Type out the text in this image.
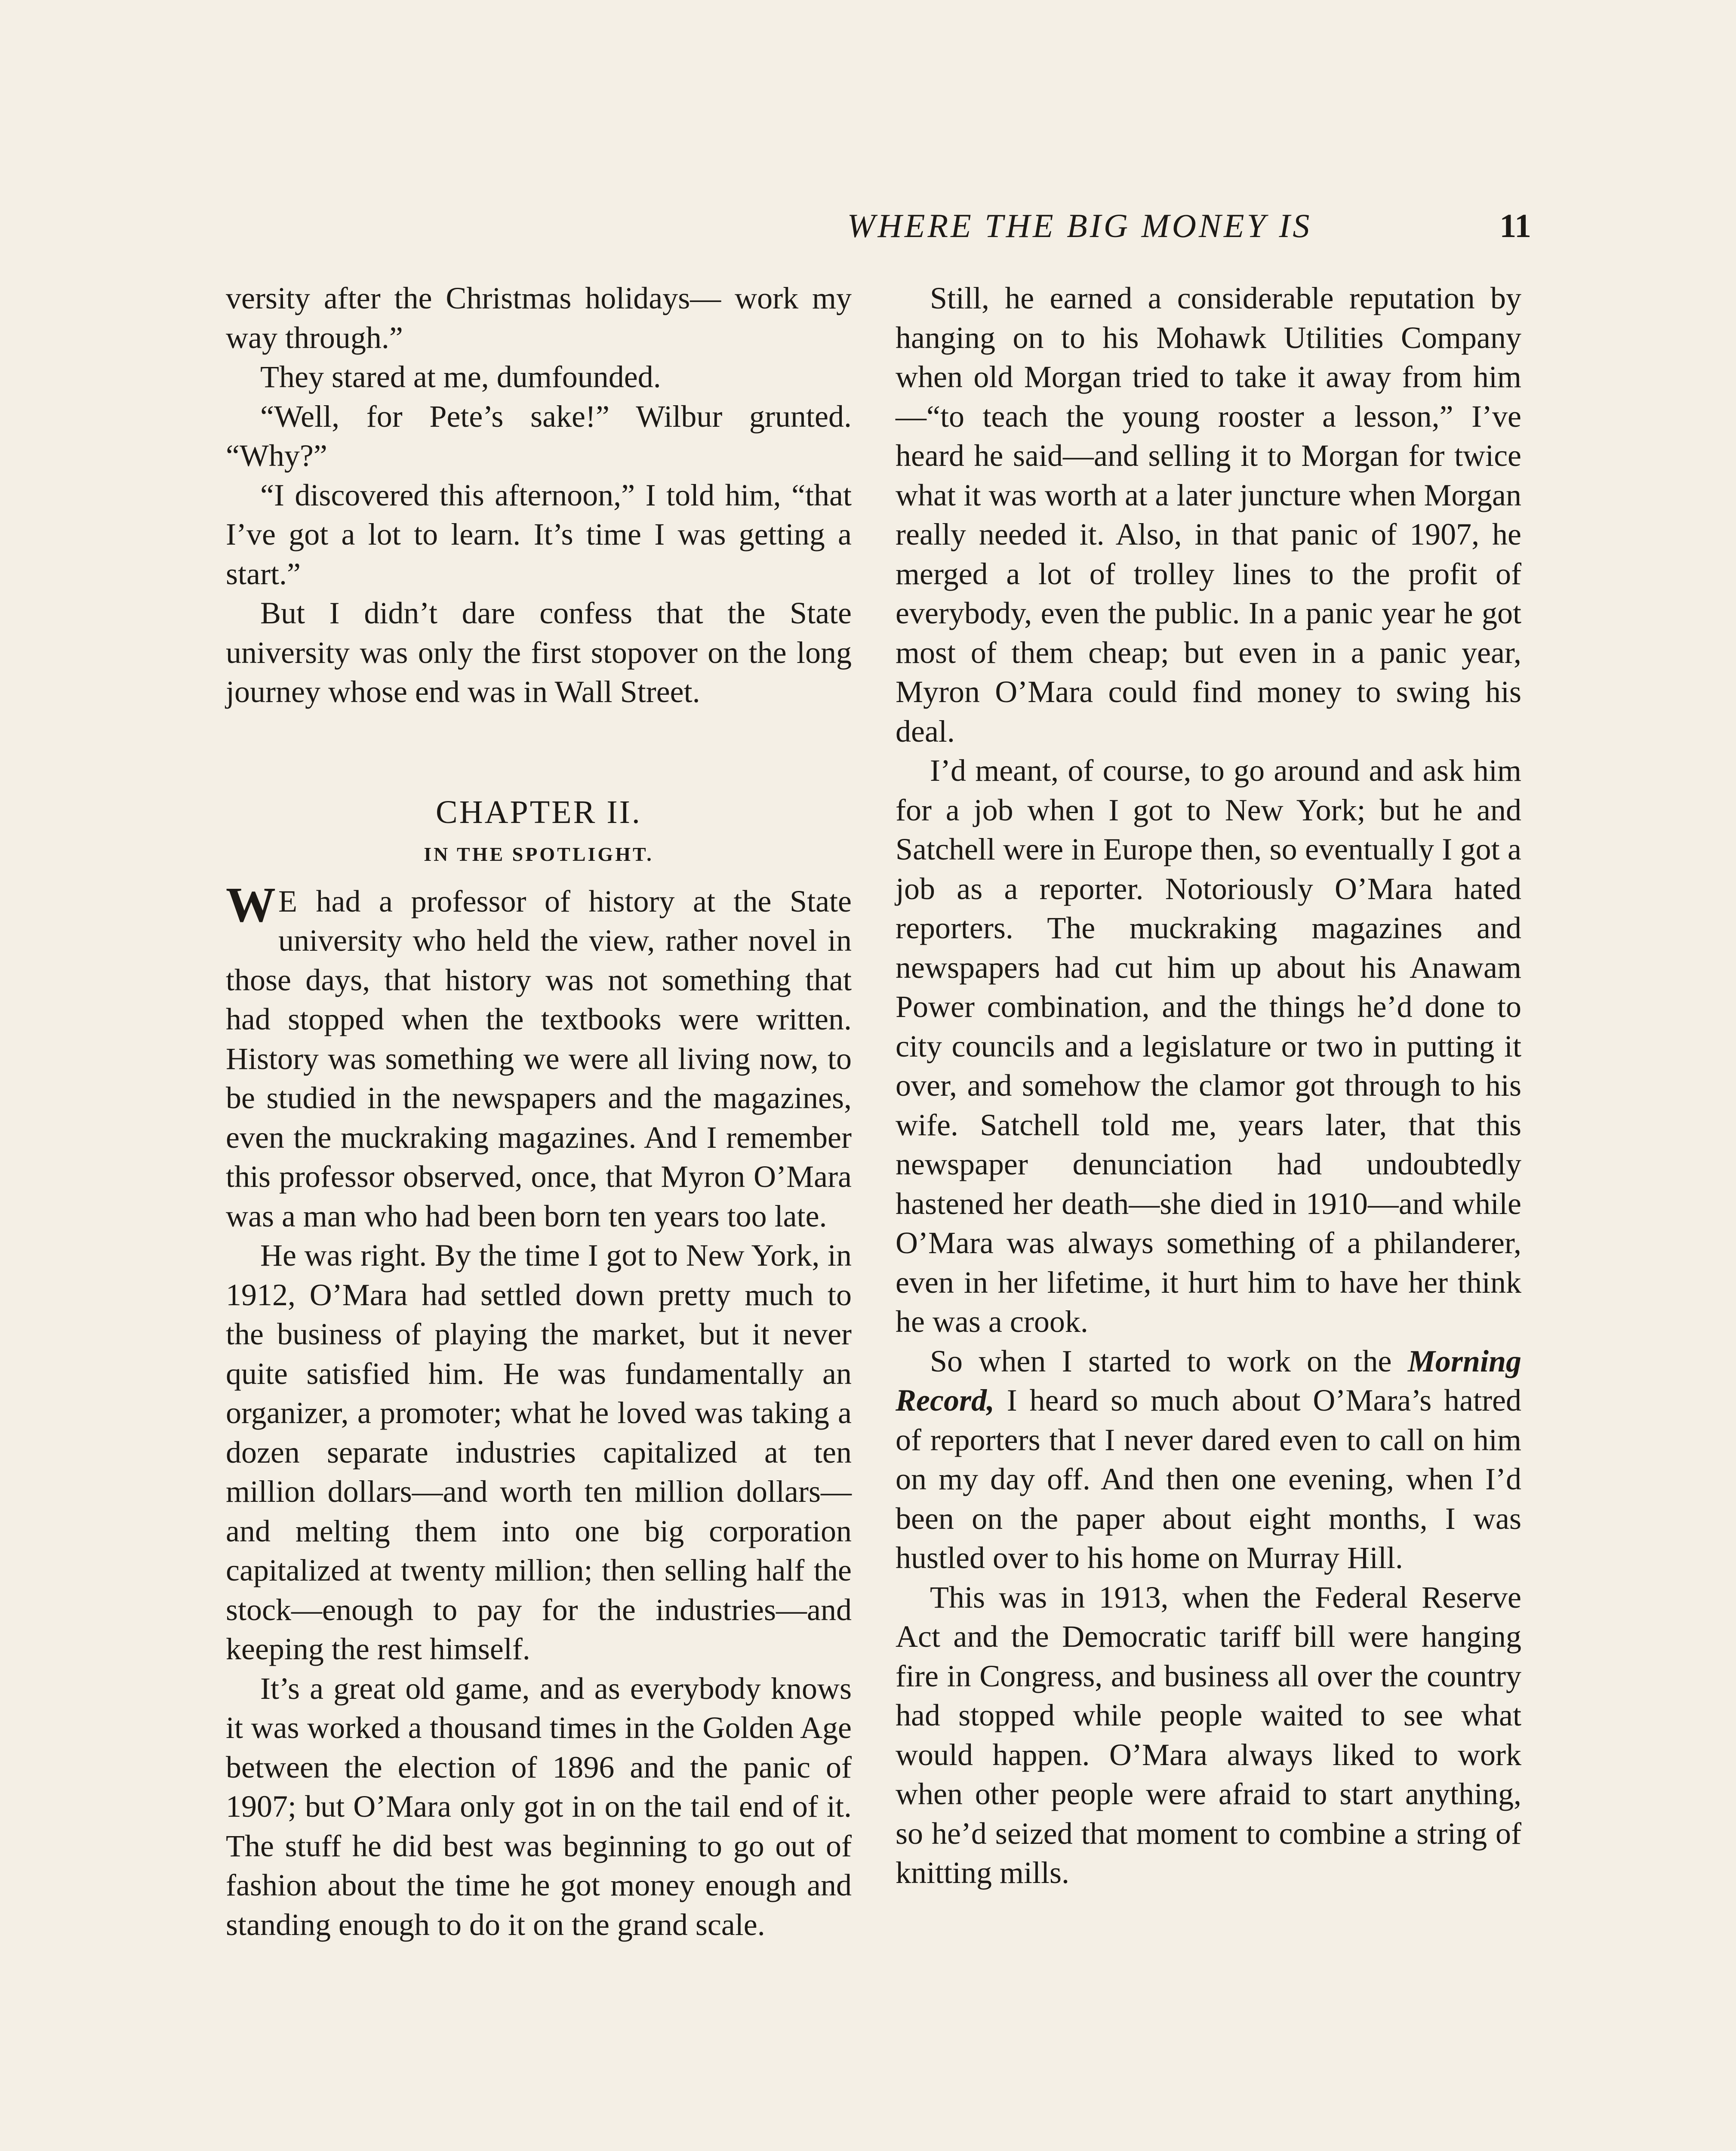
WHERE THE BIG MONEY IS	11

versity after the Christmas holidays— work my way through.”

They stared at me, dumfounded.

“Well, for Pete’s sake!” Wilbur grunted. “Why?”

“I discovered this afternoon,” I told him, “that I’ve got a lot to learn. It’s time I was getting a start.”

But I didn’t dare confess that the State university was only the first stopover on the long journey whose end was in Wall Street.

CHAPTER II.
IN THE SPOTLIGHT.

W E had a professor of history at the State university who held the view, rather novel in those days, that history was not something that had stopped when the textbooks were written. History was something we were all living now, to be studied in the newspapers and the magazines, even the muckraking magazines. And I remember this professor observed, once, that Myron O’Mara was a man who had been born ten years too late.

He was right. By the time I got to New York, in 1912, O’Mara had settled down pretty much to the business of playing the market, but it never quite satisfied him. He was fundamentally an organizer, a promoter; what he loved was taking a dozen separate industries capitalized at ten million dollars—and worth ten million dollars—and melting them into one big corporation capitalized at twenty million; then selling half the stock—enough to pay for the industries—and keeping the rest himself.

It’s a great old game, and as everybody knows it was worked a thousand times in the Golden Age between the election of 1896 and the panic of 1907; but O’Mara only got in on the tail end of it. The stuff he did best was beginning to go out of fashion about the time he got money enough and standing enough to do it on the grand scale.

Still, he earned a considerable reputation by hanging on to his Mohawk Utilities Company when old Morgan tried to take it away from him—“to teach the young rooster a lesson,” I’ve heard he said—and selling it to Morgan for twice what it was worth at a later juncture when Morgan really needed it. Also, in that panic of 1907, he merged a lot of trolley lines to the profit of everybody, even the public. In a panic year he got most of them cheap; but even in a panic year, Myron O’Mara could find money to swing his deal.

I’d meant, of course, to go around and ask him for a job when I got to New York; but he and Satchell were in Europe then, so eventually I got a job as a reporter. Notoriously O’Mara hated reporters. The muckraking magazines and newspapers had cut him up about his Anawam Power combination, and the things he’d done to city councils and a legislature or two in putting it over, and somehow the clamor got through to his wife. Satchell told me, years later, that this newspaper denunciation had undoubtedly hastened her death—she died in 1910—and while O’Mara was always something of a philanderer, even in her lifetime, it hurt him to have her think he was a crook.

So when I started to work on the Morning Record, I heard so much about O’Mara’s hatred of reporters that I never dared even to call on him on my day off. And then one evening, when I’d been on the paper about eight months, I was hustled over to his home on Murray Hill.

This was in 1913, when the Federal Reserve Act and the Democratic tariff bill were hanging fire in Congress, and business all over the country had stopped while people waited to see what would happen. O’Mara always liked to work when other people were afraid to start anything, so he’d seized that moment to combine a string of knitting mills.
